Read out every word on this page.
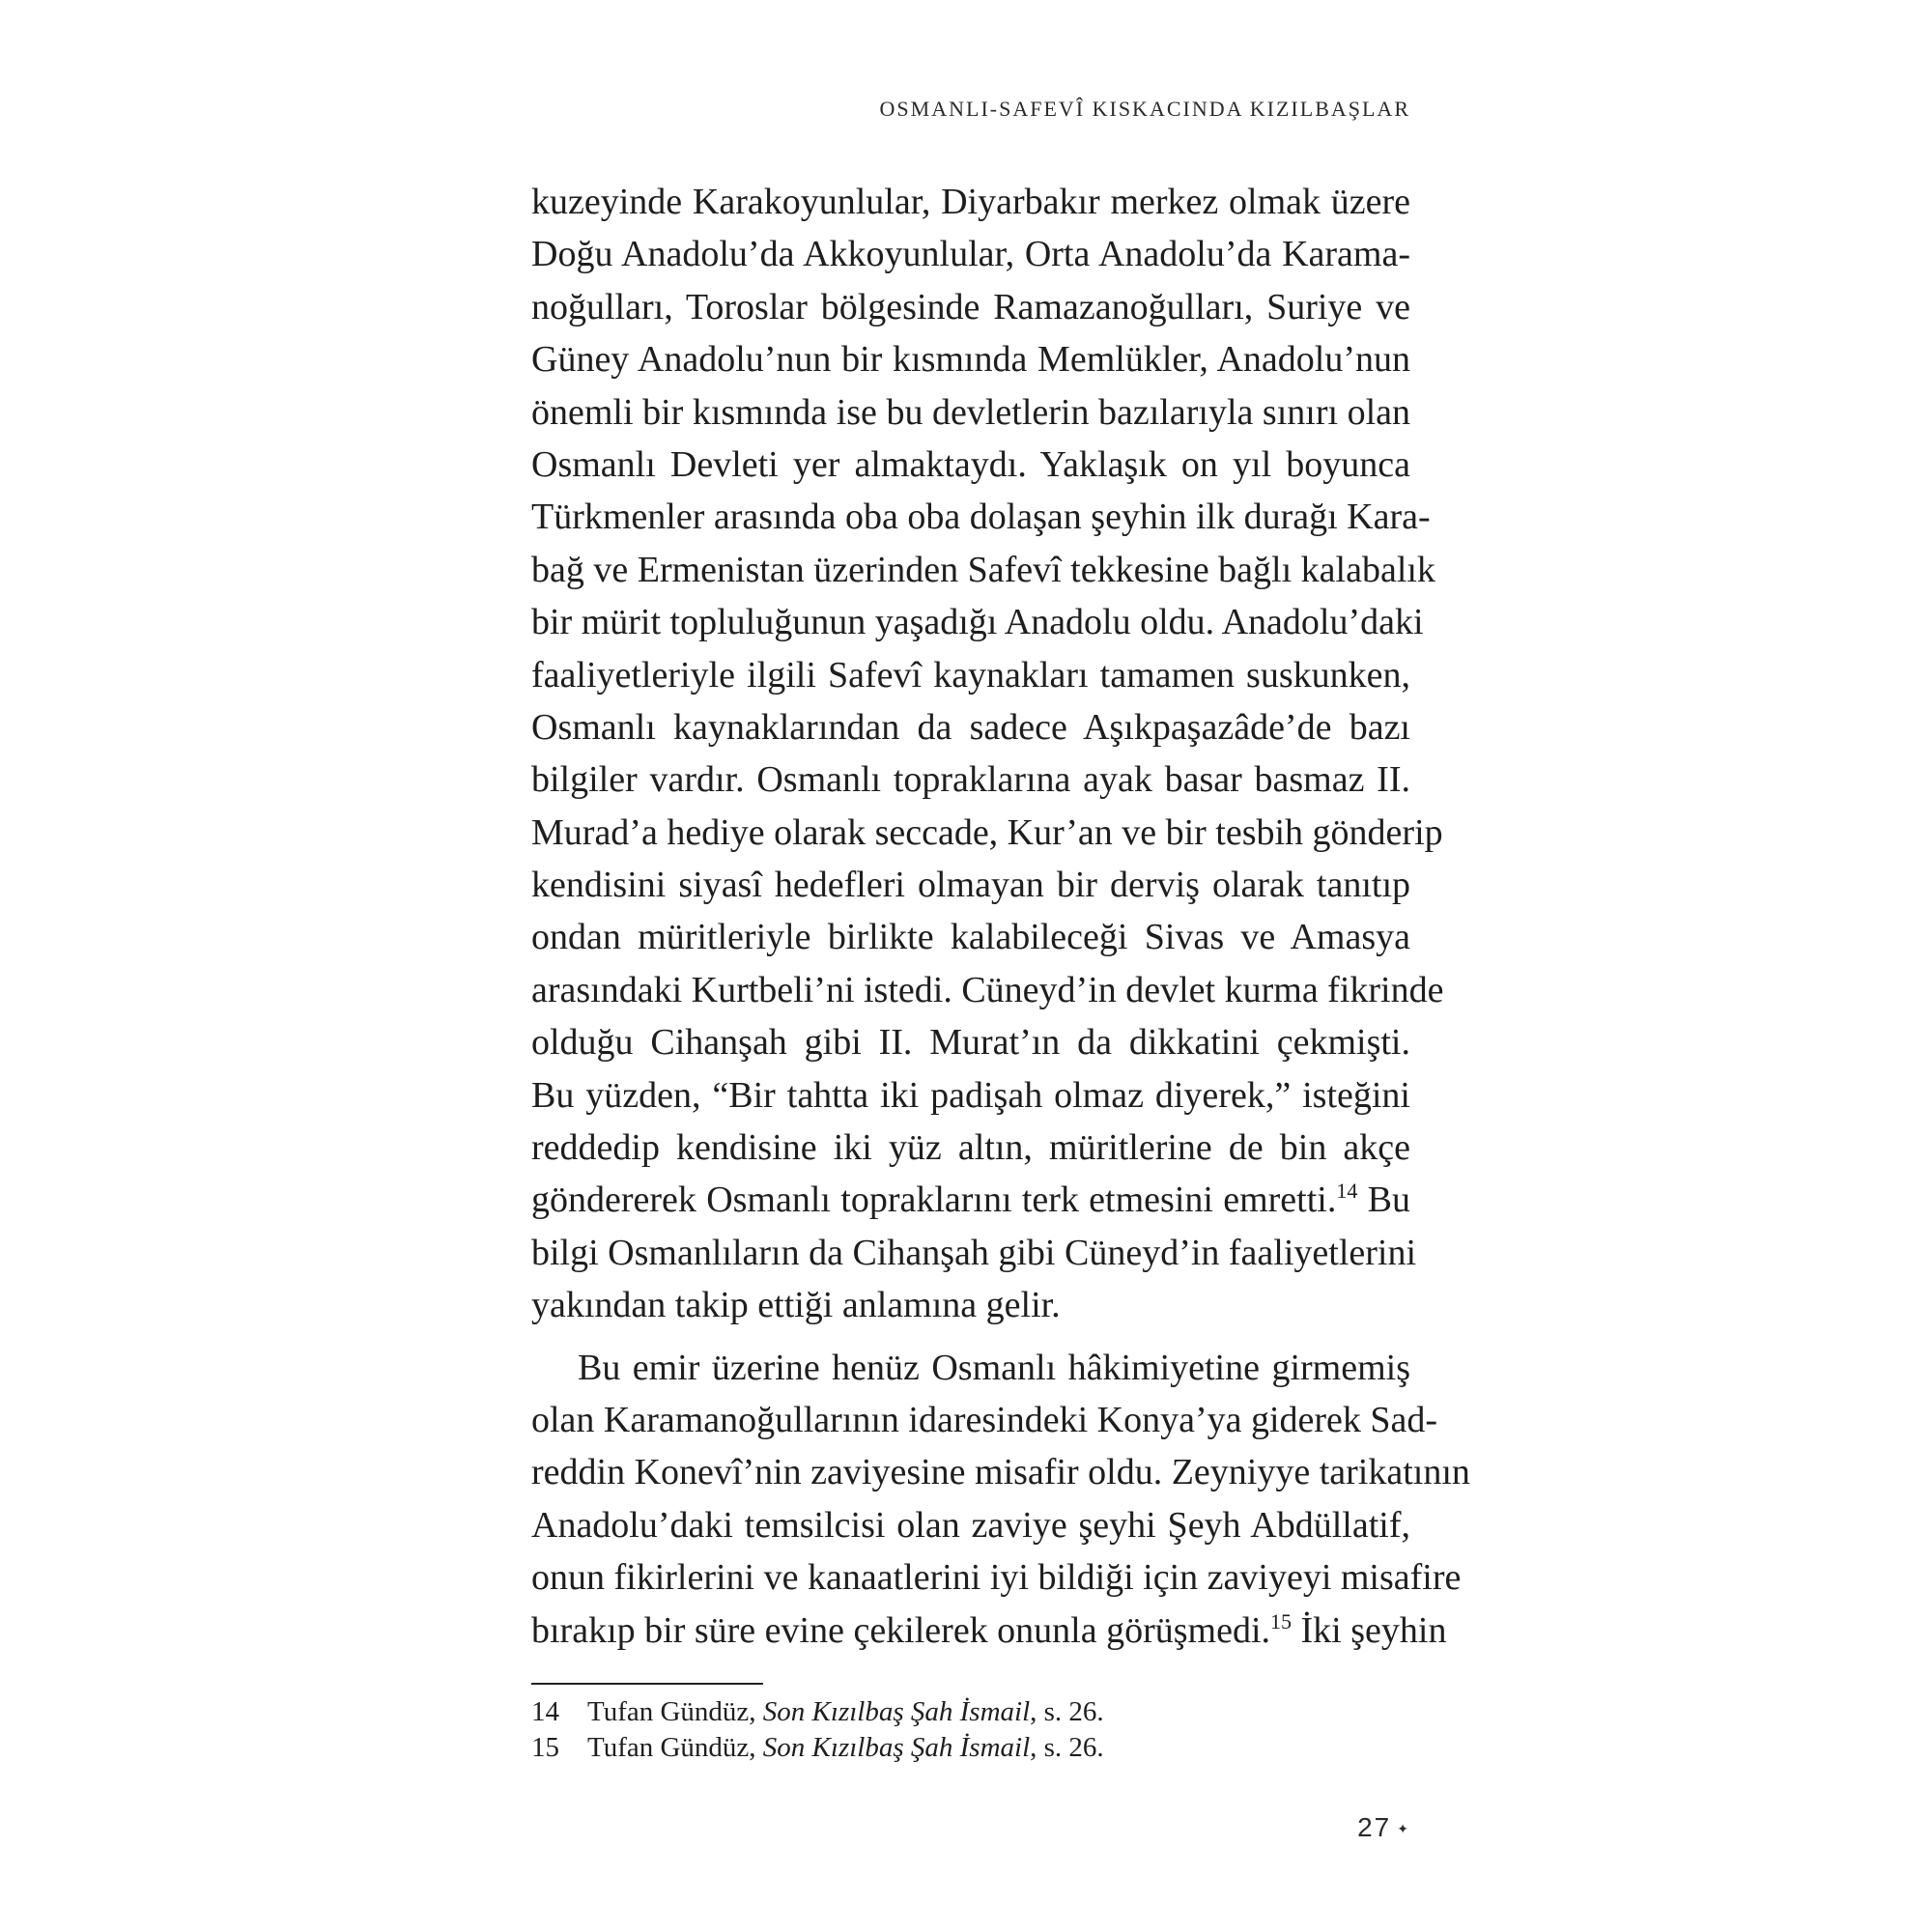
OSMANLI-SAFEVÎ KISKACINDA KIZILBAŞLAR
kuzeyinde Karakoyunlular, Diyarbakır merkez olmak üzere
Doğu Anadolu’da Akkoyunlular, Orta Anadolu’da Karama-
noğulları, Toroslar bölgesinde Ramazanoğulları, Suriye ve
Güney Anadolu’nun bir kısmında Memlükler, Anadolu’nun
önemli bir kısmında ise bu devletlerin bazılarıyla sınırı olan
Osmanlı Devleti yer almaktaydı. Yaklaşık on yıl boyunca
Türkmenler arasında oba oba dolaşan şeyhin ilk durağı Kara-
bağ ve Ermenistan üzerinden Safevî tekkesine bağlı kalabalık
bir mürit topluluğunun yaşadığı Anadolu oldu. Anadolu’daki
faaliyetleriyle ilgili Safevî kaynakları tamamen suskunken,
Osmanlı kaynaklarından da sadece Aşıkpaşazâde’de bazı
bilgiler vardır. Osmanlı topraklarına ayak basar basmaz II.
Murad’a hediye olarak seccade, Kur’an ve bir tesbih gönderip
kendisini siyasî hedefleri olmayan bir derviş olarak tanıtıp
ondan müritleriyle birlikte kalabileceği Sivas ve Amasya
arasındaki Kurtbeli’ni istedi. Cüneyd’in devlet kurma fikrinde
olduğu Cihanşah gibi II. Murat’ın da dikkatini çekmişti.
Bu yüzden, “Bir tahtta iki padişah olmaz diyerek,” isteğini
reddedip kendisine iki yüz altın, müritlerine de bin akçe
göndererek Osmanlı topraklarını terk etmesini emretti.$^{14}$ Bu
bilgi Osmanlıların da Cihanşah gibi Cüneyd’in faaliyetlerini
yakından takip ettiği anlamına gelir.
Bu emir üzerine henüz Osmanlı hâkimiyetine girmemiş
olan Karamanoğullarının idaresindeki Konya’ya giderek Sad-
reddin Konevî’nin zaviyesine misafir oldu. Zeyniyye tarikatının
Anadolu’daki temsilcisi olan zaviye şeyhi Şeyh Abdüllatif,
onun fikirlerini ve kanaatlerini iyi bildiği için zaviyeyi misafire
bırakıp bir süre evine çekilerek onunla görüşmedi.$^{15}$ İki şeyhin
14 Tufan Gündüz, Son Kızılbaş Şah İsmail, s. 26.
15 Tufan Gündüz, Son Kızılbaş Şah İsmail, s. 26.
27 ✦
